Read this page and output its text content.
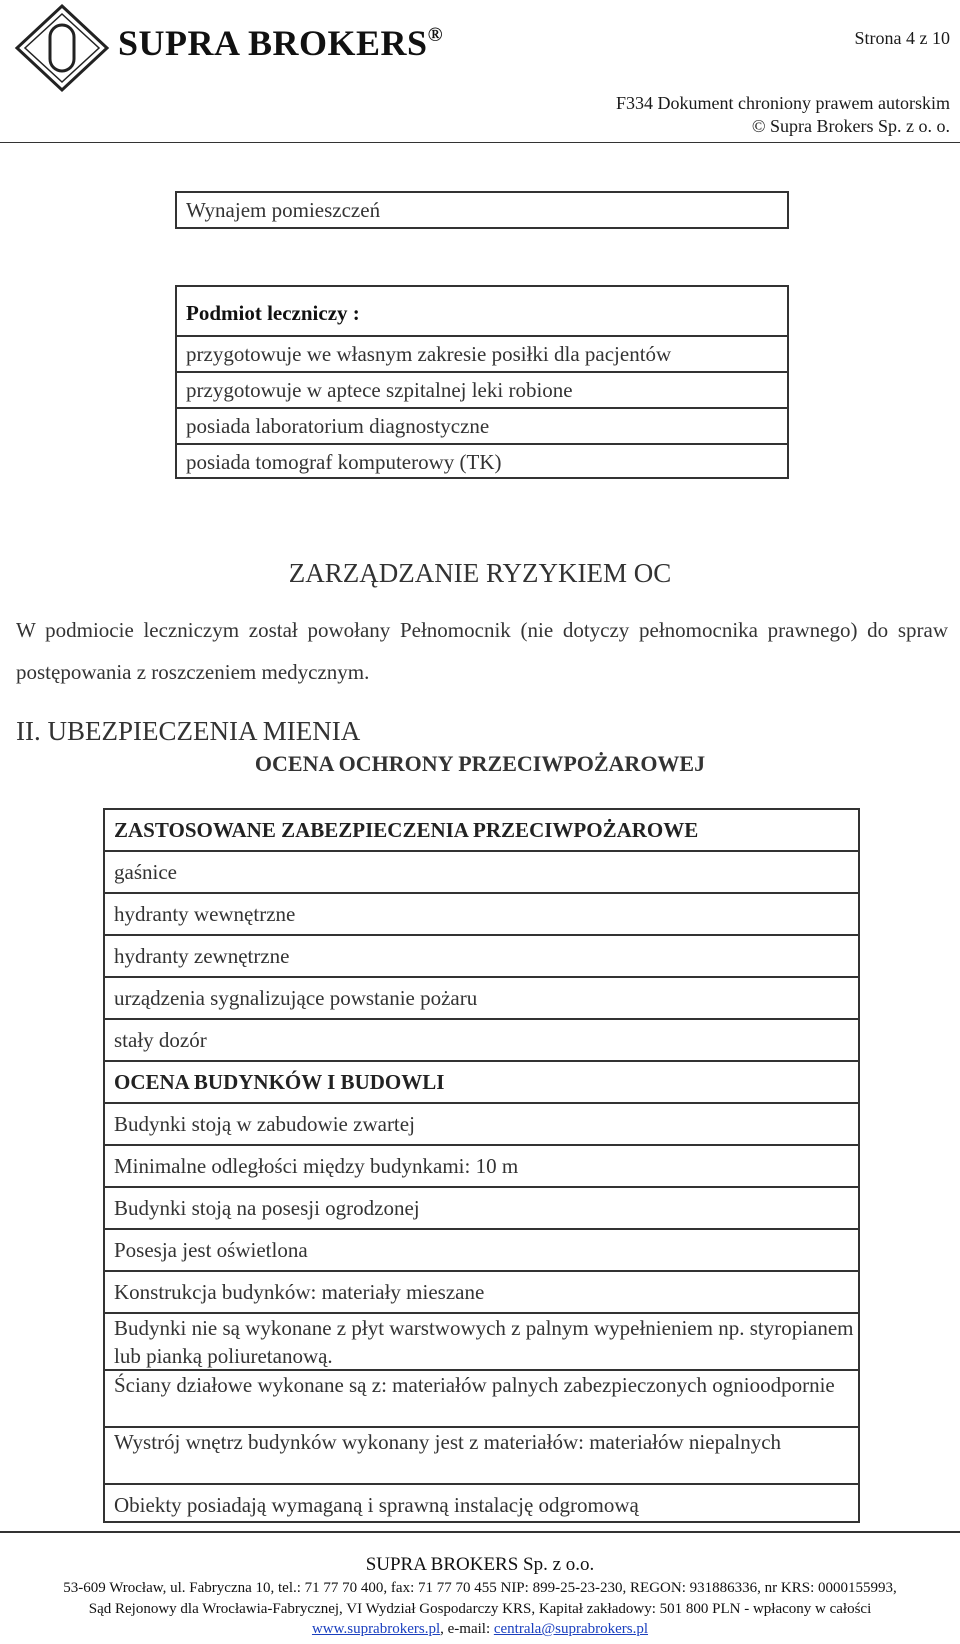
SUPRA BROKERS®	Strona 4 z 10
F334 Dokument chroniony prawem autorskim
© Supra Brokers Sp. z o. o.
Wynajem pomieszczeń
Podmiot leczniczy :
przygotowuje we własnym zakresie posiłki dla pacjentów
przygotowuje w aptece szpitalnej leki robione
posiada laboratorium diagnostyczne
posiada tomograf komputerowy (TK)
ZARZĄDZANIE RYZYKIEM OC
W podmiocie leczniczym został powołany Pełnomocnik (nie dotyczy pełnomocnika prawnego) do spraw postępowania z roszczeniem medycznym.
II. UBEZPIECZENIA MIENIA
OCENA OCHRONY PRZECIWPOŻAROWEJ
ZASTOSOWANE ZABEZPIECZENIA PRZECIWPOŻAROWE
gaśnice
hydranty wewnętrzne
hydranty zewnętrzne
urządzenia sygnalizujące powstanie pożaru
stały dozór
OCENA BUDYNKÓW I BUDOWLI
Budynki stoją w zabudowie zwartej
Minimalne odległości między budynkami: 10 m
Budynki stoją na posesji ogrodzonej
Posesja jest oświetlona
Konstrukcja budynków: materiały mieszane
Budynki nie są wykonane z płyt warstwowych z palnym wypełnieniem np. styropianem lub pianką poliuretanową.
Ściany działowe wykonane są z: materiałów palnych zabezpieczonych ognioodpornie
Wystrój wnętrz budynków wykonany jest z materiałów: materiałów niepalnych
Obiekty posiadają wymaganą i sprawną instalację odgromową
SUPRA BROKERS Sp. z o.o.
53-609 Wrocław, ul. Fabryczna 10, tel.: 71 77 70 400, fax: 71 77 70 455 NIP: 899-25-23-230, REGON: 931886336, nr KRS: 0000155993,
Sąd Rejonowy dla Wrocławia-Fabrycznej, VI Wydział Gospodarczy KRS, Kapitał zakładowy: 501 800 PLN - wpłacony w całości
www.suprabrokers.pl, e-mail: centrala@suprabrokers.pl
